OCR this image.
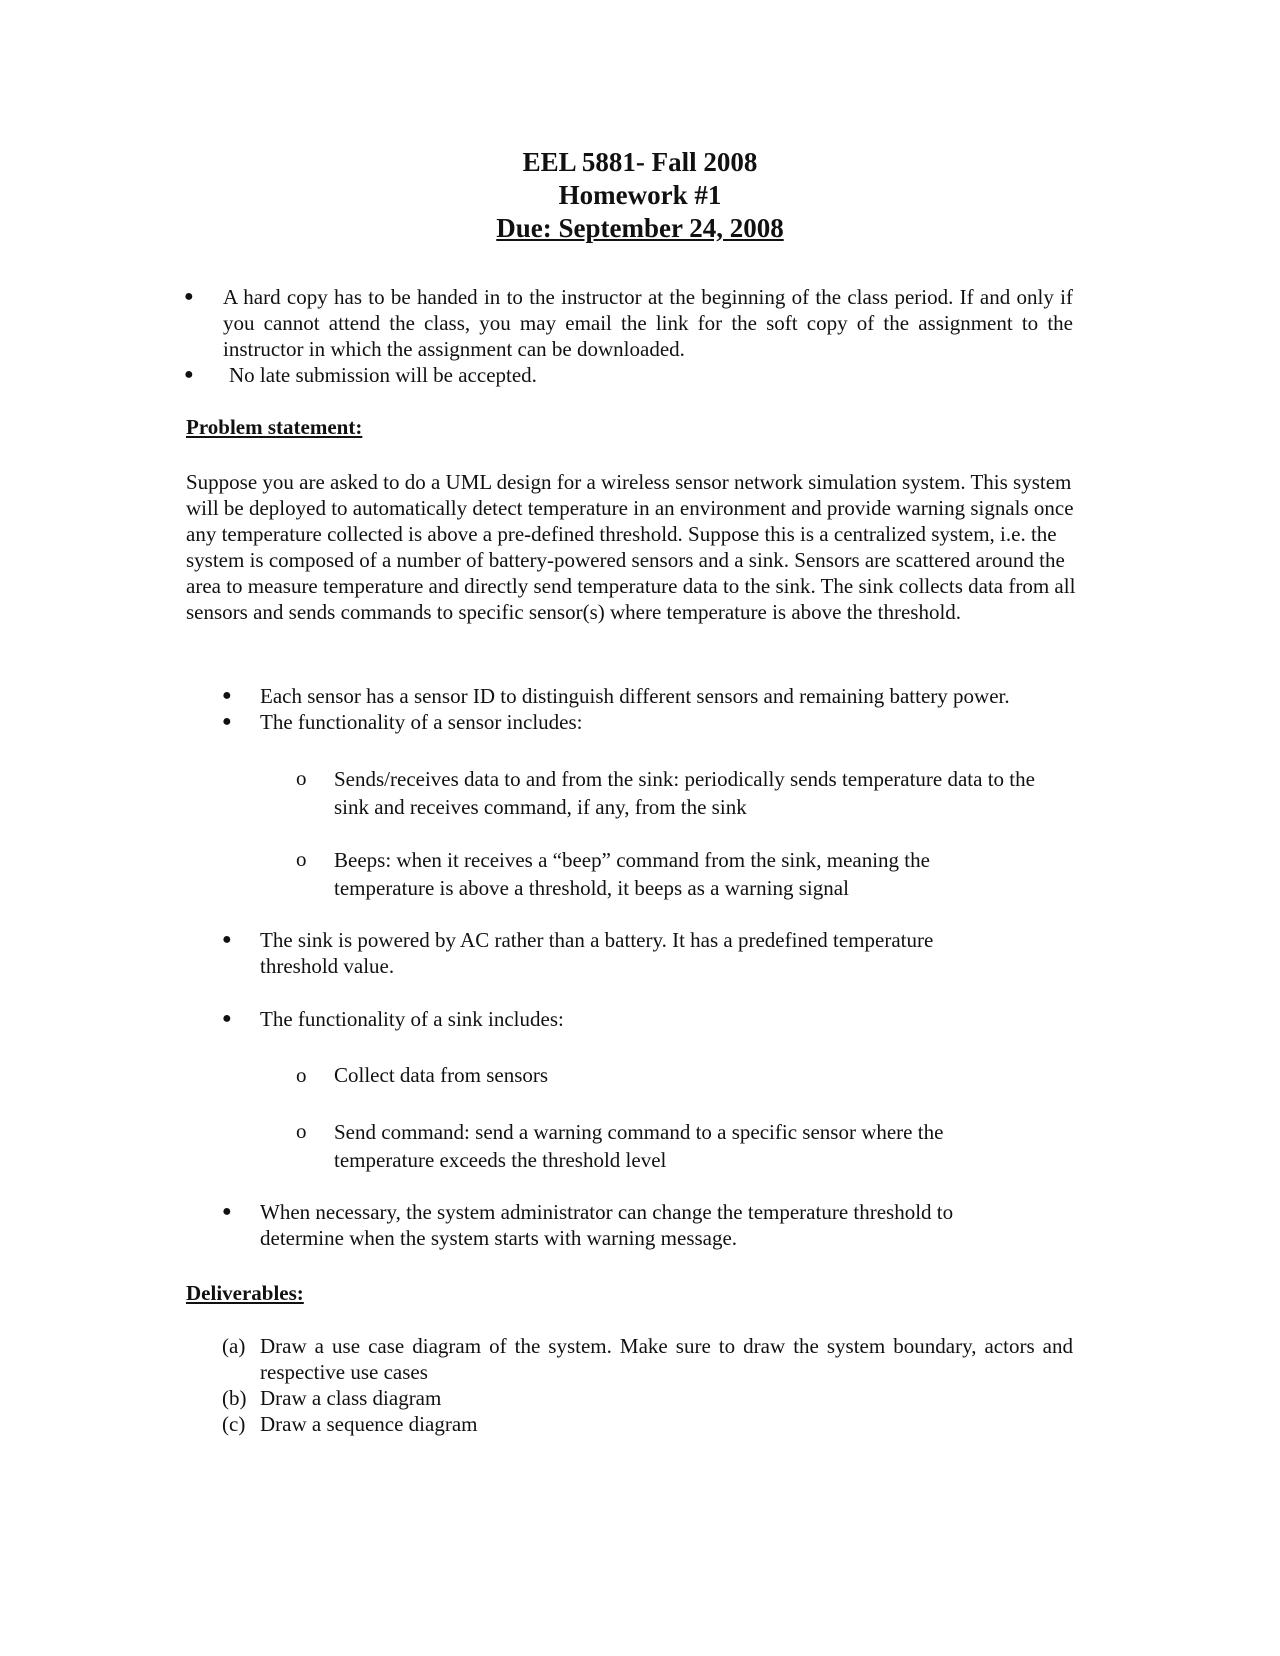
EEL 5881- Fall 2008
Homework #1
Due: September 24, 2008
● A hard copy has to be handed in to the instructor at the beginning of the class period. If and only if you cannot attend the class, you may email the link for the soft copy of the assignment to the instructor in which the assignment can be downloaded.
● No late submission will be accepted.
Problem statement:
Suppose you are asked to do a UML design for a wireless sensor network simulation system. This system will be deployed to automatically detect temperature in an environment and provide warning signals once any temperature collected is above a pre-defined threshold. Suppose this is a centralized system, i.e. the system is composed of a number of battery-powered sensors and a sink. Sensors are scattered around the area to measure temperature and directly send temperature data to the sink. The sink collects data from all sensors and sends commands to specific sensor(s) where temperature is above the threshold.
● Each sensor has a sensor ID to distinguish different sensors and remaining battery power.
● The functionality of a sensor includes:
o Sends/receives data to and from the sink: periodically sends temperature data to the sink and receives command, if any, from the sink
o Beeps: when it receives a “beep” command from the sink, meaning the temperature is above a threshold, it beeps as a warning signal
● The sink is powered by AC rather than a battery. It has a predefined temperature threshold value.
● The functionality of a sink includes:
o Collect data from sensors
o Send command: send a warning command to a specific sensor where the temperature exceeds the threshold level
● When necessary, the system administrator can change the temperature threshold to determine when the system starts with warning message.
Deliverables:
(a) Draw a use case diagram of the system. Make sure to draw the system boundary, actors and respective use cases
(b) Draw a class diagram
(c) Draw a sequence diagram
